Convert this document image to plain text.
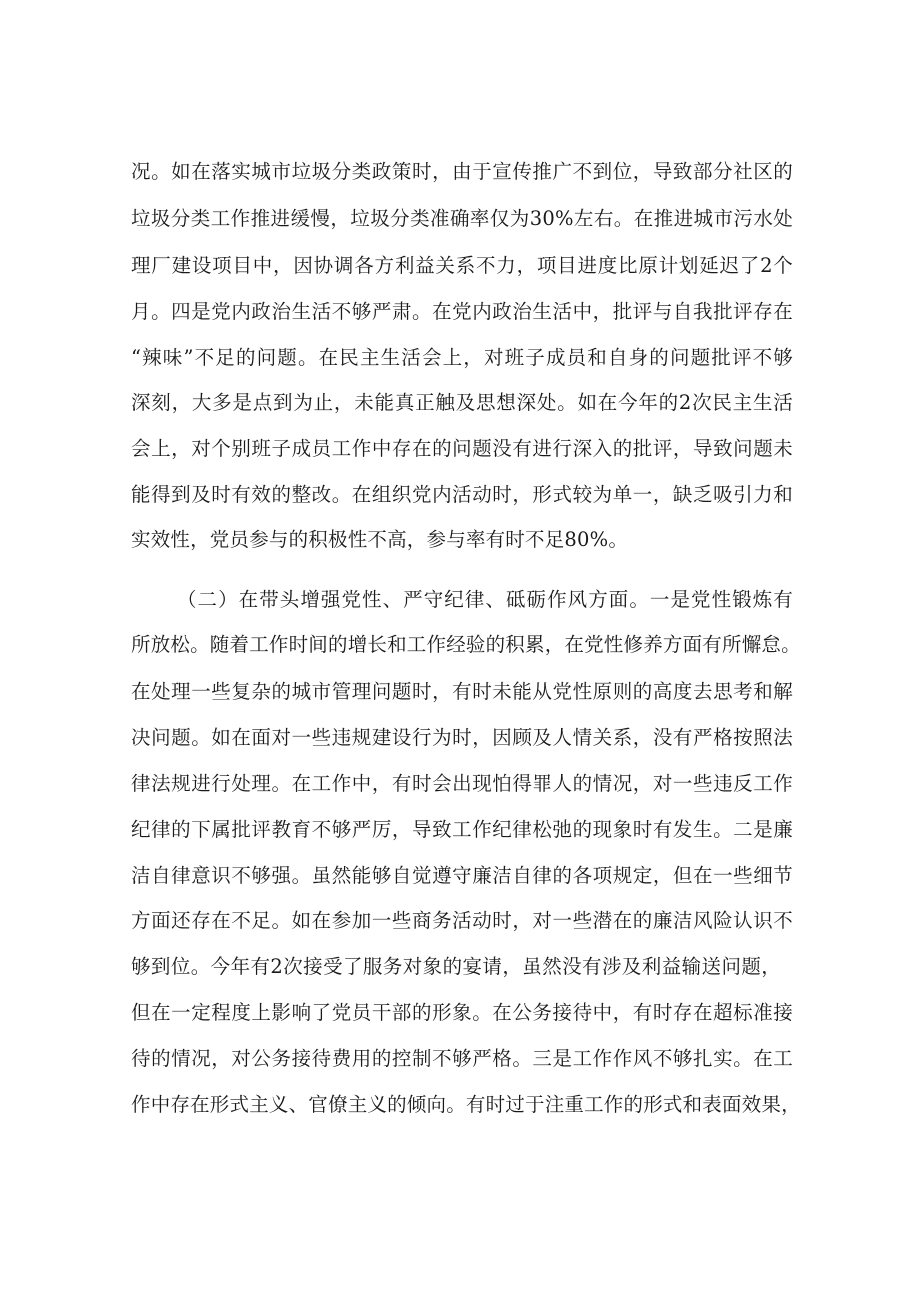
况。如在落实城市垃圾分类政策时，由于宣传推广不到位，导致部分社区的
垃圾分类工作推进缓慢，垃圾分类准确率仅为30%左右。在推进城市污水处
理厂建设项目中，因协调各方利益关系不力，项目进度比原计划延迟了2个
月。四是党内政治生活不够严肃。在党内政治生活中，批评与自我批评存在
“辣味”不足的问题。在民主生活会上，对班子成员和自身的问题批评不够
深刻，大多是点到为止，未能真正触及思想深处。如在今年的2次民主生活
会上，对个别班子成员工作中存在的问题没有进行深入的批评，导致问题未
能得到及时有效的整改。在组织党内活动时，形式较为单一，缺乏吸引力和
实效性，党员参与的积极性不高，参与率有时不足80%。
（二）在带头增强党性、严守纪律、砥砺作风方面。一是党性锻炼有
所放松。随着工作时间的增长和工作经验的积累，在党性修养方面有所懈怠。
在处理一些复杂的城市管理问题时，有时未能从党性原则的高度去思考和解
决问题。如在面对一些违规建设行为时，因顾及人情关系，没有严格按照法
律法规进行处理。在工作中，有时会出现怕得罪人的情况，对一些违反工作
纪律的下属批评教育不够严厉，导致工作纪律松弛的现象时有发生。二是廉
洁自律意识不够强。虽然能够自觉遵守廉洁自律的各项规定，但在一些细节
方面还存在不足。如在参加一些商务活动时，对一些潜在的廉洁风险认识不
够到位。今年有2次接受了服务对象的宴请，虽然没有涉及利益输送问题，
但在一定程度上影响了党员干部的形象。在公务接待中，有时存在超标准接
待的情况，对公务接待费用的控制不够严格。三是工作作风不够扎实。在工
作中存在形式主义、官僚主义的倾向。有时过于注重工作的形式和表面效果，
